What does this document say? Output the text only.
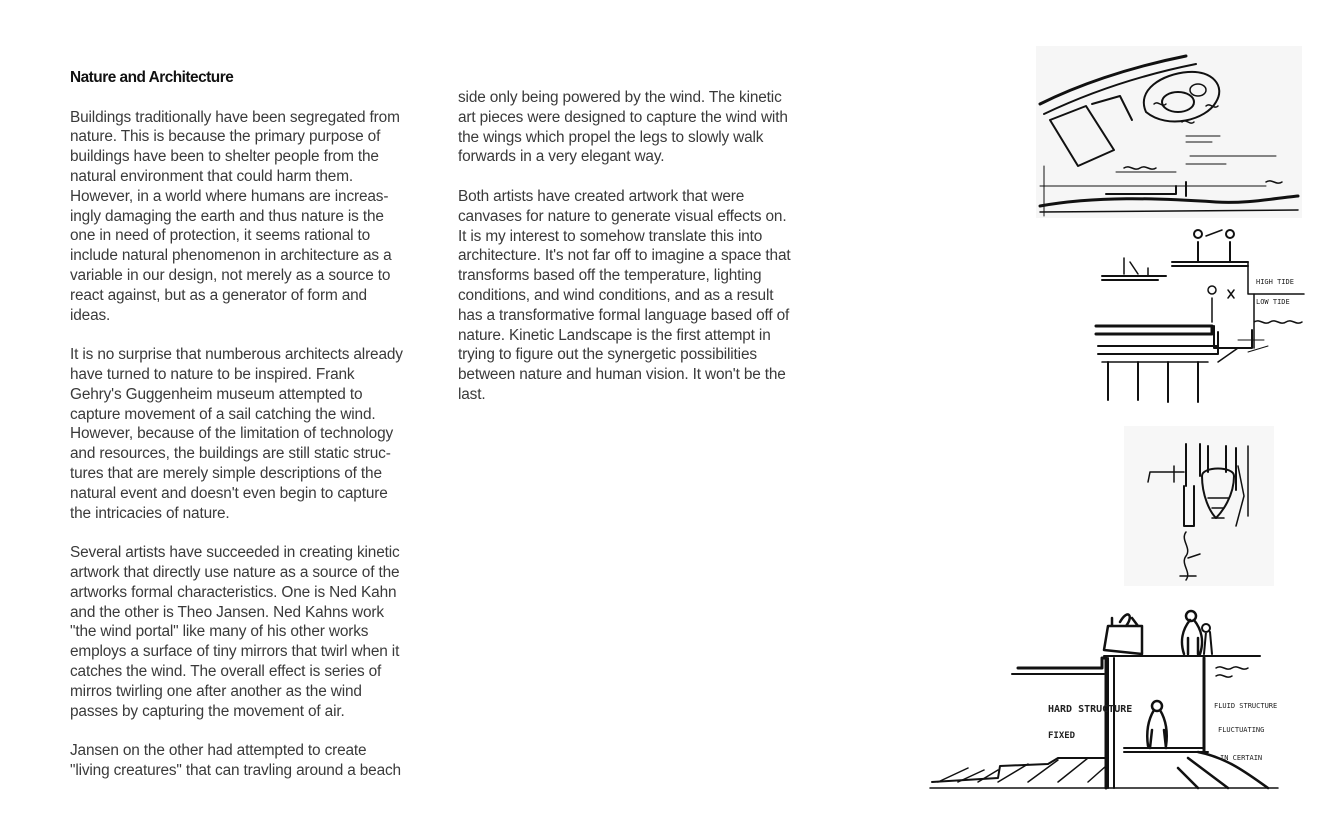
Nature and Architecture

Buildings traditionally have been segregated from
nature. This is because the primary purpose of
buildings have been to shelter people from the
natural environment that could harm them.
However, in a world where humans are increas-
ingly damaging the earth and thus nature is the
one in need of protection, it seems rational to
include natural phenomenon in architecture as a
variable in our design, not merely as a source to
react against, but as a generator of form and
ideas.

It is no surprise that numberous architects already
have turned to nature to be inspired. Frank
Gehry's Guggenheim museum attempted to
capture movement of a sail catching the wind.
However, because of the limitation of technology
and resources, the buildings are still static struc-
tures that are merely simple descriptions of the
natural event and doesn't even begin to capture
the intricacies of nature.

Several artists have succeeded in creating kinetic
artwork that directly use nature as a source of the
artworks formal characteristics. One is Ned Kahn
and the other is Theo Jansen. Ned Kahns work
"the wind portal" like many of his other works
employs a surface of tiny mirrors that twirl when it
catches the wind. The overall effect is series of
mirros twirling one after another as the wind
passes by capturing the movement of air.

Jansen on the other had attempted to create
"living creatures" that can travling around a beach

side only being powered by the wind. The kinetic
art pieces were designed to capture the wind with
the wings which propel the legs to slowly walk
forwards in a very elegant way.

Both artists have created artwork that were
canvases for nature to generate visual effects on.
It is my interest to somehow translate this into
architecture. It's not far off to imagine a space that
transforms based off the temperature, lighting
conditions, and wind conditions, and as a result
has a transformative formal language based off of
nature. Kinetic Landscape is the first attempt in
trying to figure out the synergetic possibilities
between nature and human vision. It won't be the
last.

HIGH TIDE
LOW TIDE
HARD STRUCTURE
FIXED
FLUID STRUCTURE
FLUCTUATING
IN CERTAIN
